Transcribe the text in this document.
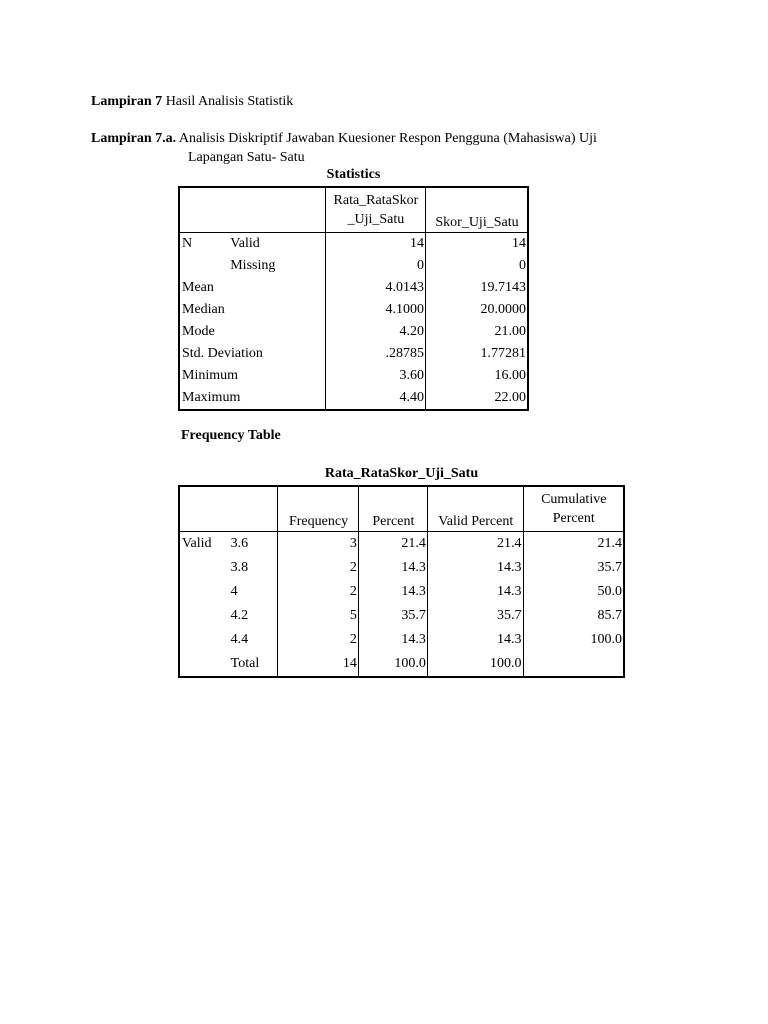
Lampiran 7 Hasil Analisis Statistik
Lampiran 7.a. Analisis Diskriptif Jawaban Kuesioner Respon Pengguna (Mahasiswa) Uji
Lapangan Satu- Satu
Statistics
		Rata_RataSkor
_Uji_Satu	Skor_Uji_Satu
N	Valid	14	14
	Missing	0	0
Mean		4.0143	19.7143
Median		4.1000	20.0000
Mode		4.20	21.00
Std. Deviation		.28785	1.77281
Minimum		3.60	16.00
Maximum		4.40	22.00
Frequency Table
Rata_RataSkor_Uji_Satu
		Frequency	Percent	Valid Percent	Cumulative
Percent
Valid	3.6	3	21.4	21.4	21.4
	3.8	2	14.3	14.3	35.7
	4	2	14.3	14.3	50.0
	4.2	5	35.7	35.7	85.7
	4.4	2	14.3	14.3	100.0
	Total	14	100.0	100.0	
